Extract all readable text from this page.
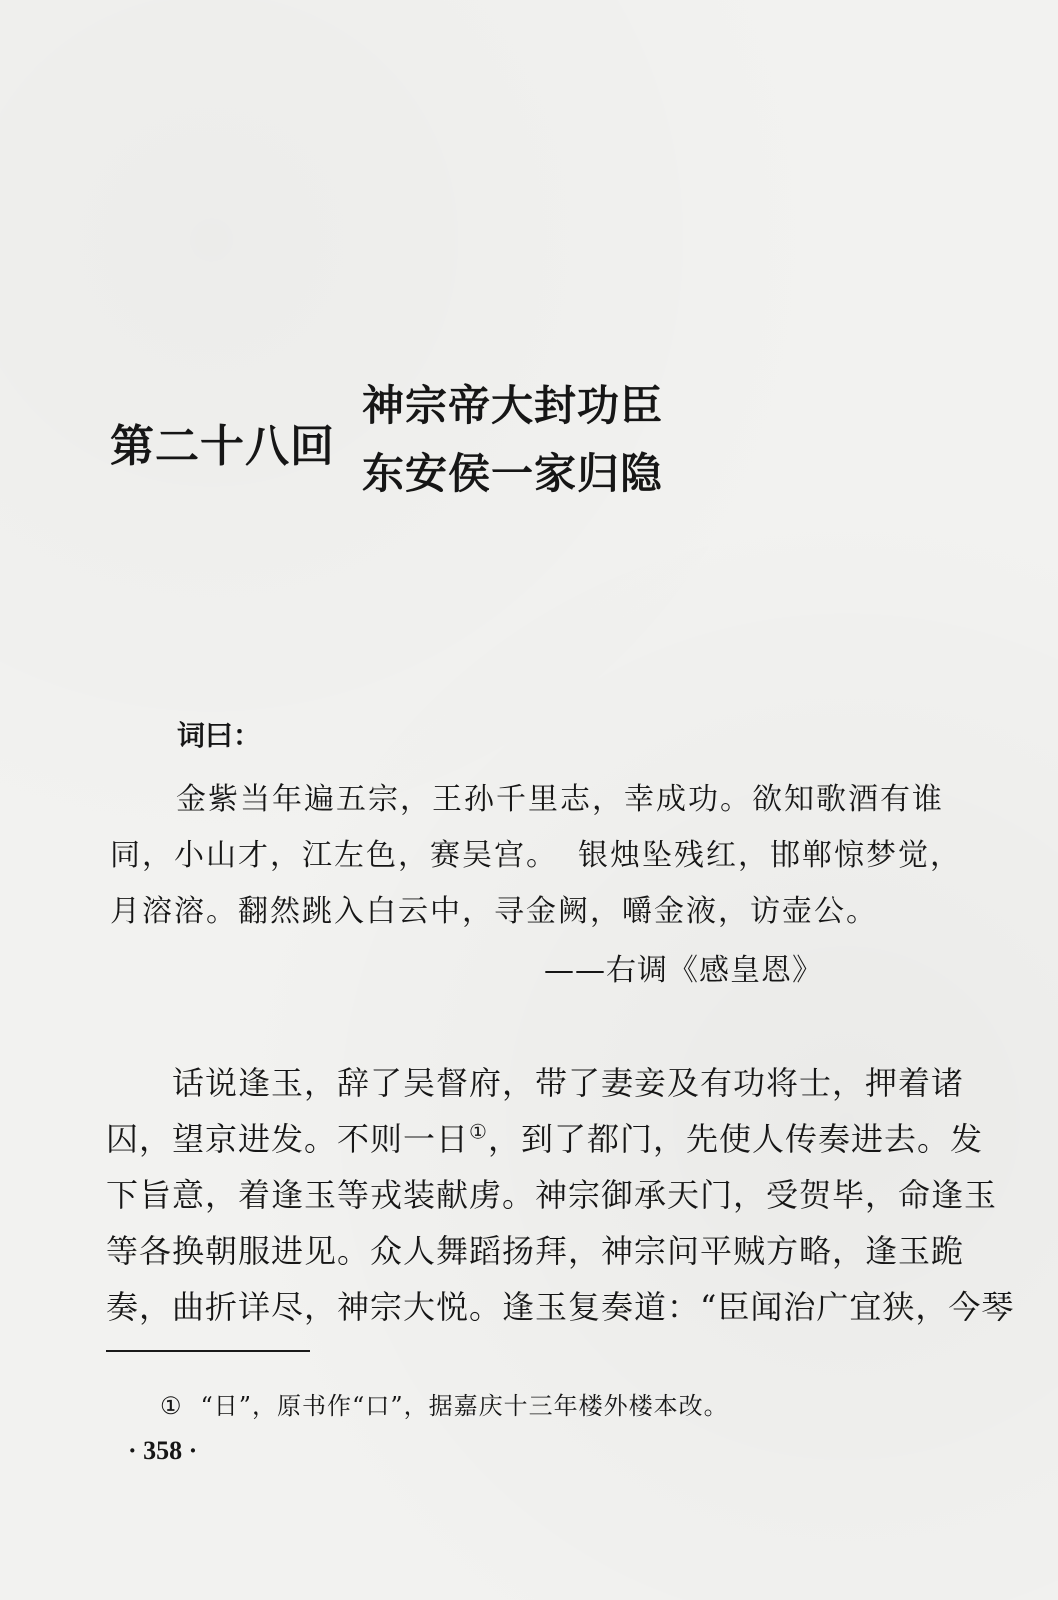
第二十八回
神宗帝大封功臣
东安侯一家归隐
词曰：
金紫当年遍五宗，王孙千里志，幸成功。欲知歌酒有谁
同，小山才，江左色，赛吴宫。 银烛坠残红，邯郸惊梦觉，
月溶溶。翻然跳入白云中，寻金阙，嚼金液，访壶公。
——右调《感皇恩》
话说逢玉，辞了吴督府，带了妻妾及有功将士，押着诸
囚，望京进发。不则一日①，到了都门，先使人传奏进去。发
下旨意，着逢玉等戎装献虏。神宗御承天门，受贺毕，命逢玉
等各换朝服进见。众人舞蹈扬拜，神宗问平贼方略，逢玉跪
奏，曲折详尽，神宗大悦。逢玉复奏道：“臣闻治广宜狭，今琴
① “日”，原书作“口”，据嘉庆十三年楼外楼本改。
· 358 ·
